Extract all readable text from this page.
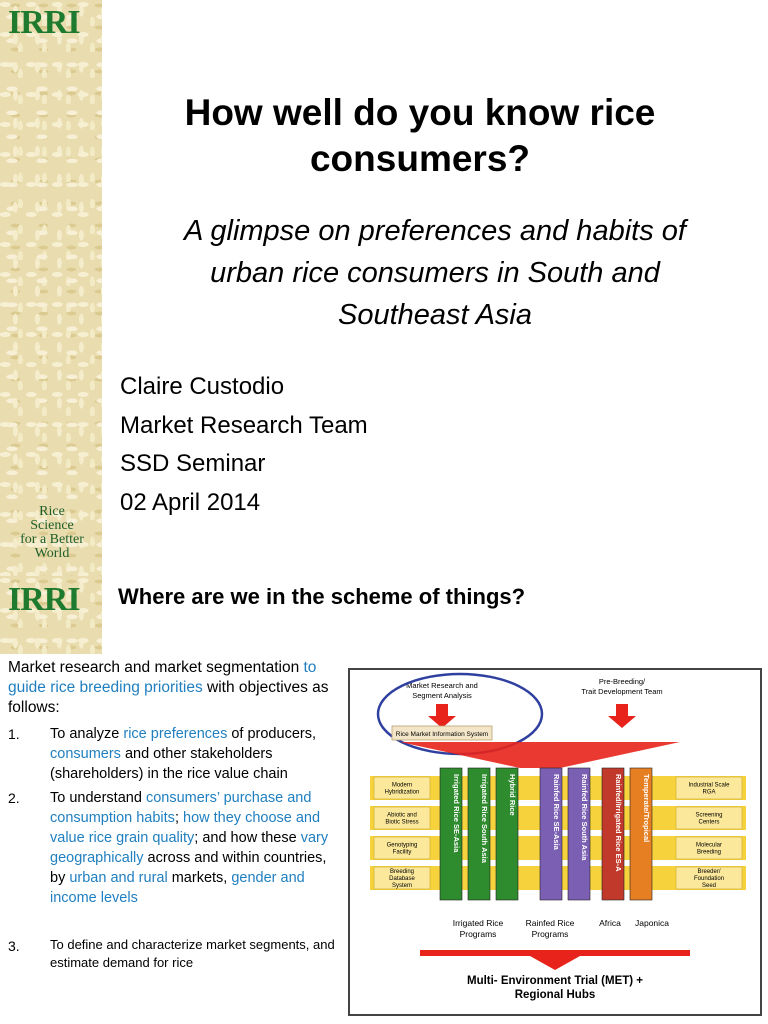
IRRI
Rice
Science
for a Better
World
How well do you know rice
consumers?
A glimpse on preferences and habits of
urban rice consumers in South and
Southeast Asia
Claire Custodio
Market Research Team
SSD Seminar
02 April 2014
IRRI Where are we in the scheme of things?
Market research and market segmentation to guide rice breeding priorities with objectives as follows:
1.	To analyze rice preferences of producers, consumers and other stakeholders (shareholders) in the rice value chain
2.	To understand consumers’ purchase and consumption habits; how they choose and value rice grain quality; and how these vary geographically across and within countries, by urban and rural markets, gender and income levels
3.	To define and characterize market segments, and estimate demand for rice
Market Research and
Segment Analysis
Pre-Breeding/
Trait Development Team
Rice Market Information System
Irrigated Rice SE-Asia	Irrigated Rice South Asia	Hybrid Rice	Rainfed Rice SE-Asia	Rainfed Rice South Asia	Rainfed/Irrigated Rice ES-A	Temperate/Tropical
Modern
Hybridization
Abiotic and
Biotic Stress
Genotyping
Facility
Breeding
Database
System
Industrial Scale
RGA
Screening
Centers
Molecular
Breeding
Breeder/
Foundation
Seed
Irrigated Rice
Programs
Rainfed Rice
Programs
Africa Japonica
Multi- Environment Trial (MET) +
Regional Hubs
